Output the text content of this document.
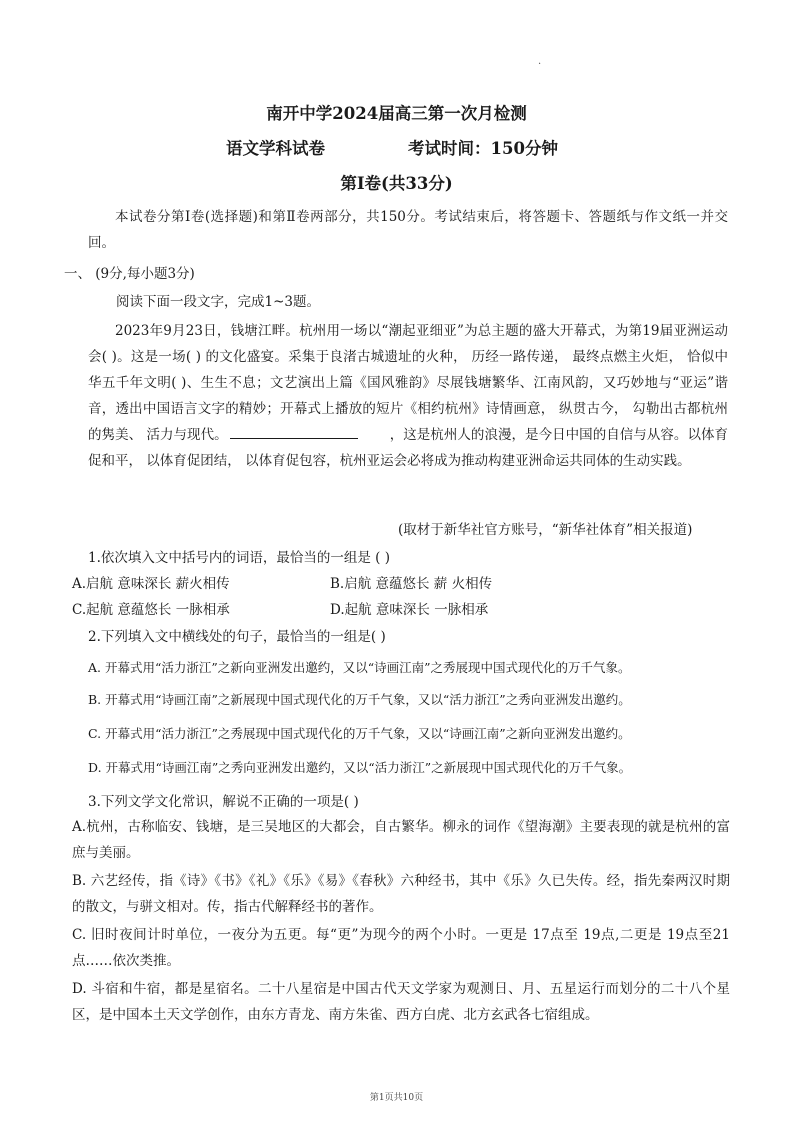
.
南开中学2024届高三第一次月检测
语文学科试卷	考试时间：150分钟
第Ⅰ卷(共33分)
本试卷分第Ⅰ卷(选择题)和第Ⅱ卷两部分，共150分。考试结束后，将答题卡、答题纸与作文纸一并交回。
一、 (9分,每小题3分)
阅读下面一段文字，完成1~3题。
2023年9月23日，钱塘江畔。杭州用一场以“潮起亚细亚”为总主题的盛大开幕式，为第19届亚洲运动会( )。这是一场( ) 的文化盛宴。采集于良渚古城遗址的火种， 历经一路传递， 最终点燃主火炬， 恰似中华五千年文明( )、生生不息；文艺演出上篇《国风雅韵》尽展钱塘繁华、江南风韵，又巧妙地与“亚运”谐音，透出中国语言文字的精妙；开幕式上播放的短片《相约杭州》诗情画意， 纵贯古今， 勾勒出古都杭州的隽美、 活力与现代。	，这是杭州人的浪漫，是今日中国的自信与从容。以体育促和平， 以体育促团结， 以体育促包容，杭州亚运会必将成为推动构建亚洲命运共同体的生动实践。
(取材于新华社官方账号，“新华社体育”相关报道)
1.依次填入文中括号内的词语，最恰当的一组是 ( )
A.启航 意味深长 薪火相传	B.启航 意蕴悠长 薪 火相传
C.起航 意蕴悠长 一脉相承	D.起航 意味深长 一脉相承
2.下列填入文中横线处的句子，最恰当的一组是( )
A. 开幕式用“活力浙江”之新向亚洲发出邀约，又以“诗画江南”之秀展现中国式现代化的万千气象。
B. 开幕式用“诗画江南”之新展现中国式现代化的万千气象，又以“活力浙江”之秀向亚洲发出邀约。
C. 开幕式用“活力浙江”之秀展现中国式现代化的万千气象，又以“诗画江南”之新向亚洲发出邀约。
D. 开幕式用“诗画江南”之秀向亚洲发出邀约，又以“活力浙江”之新展现中国式现代化的万千气象。
3.下列文学文化常识，解说不正确的一项是( )
A.杭州，古称临安、钱塘，是三吴地区的大都会，自古繁华。柳永的词作《望海潮》主要表现的就是杭州的富庶与美丽。
B. 六艺经传，指《诗》《书》《礼》《乐》《易》《春秋》六种经书，其中《乐》久已失传。经，指先秦两汉时期的散文，与骈文相对。传，指古代解释经书的著作。
C. 旧时夜间计时单位，一夜分为五更。每“更”为现今的两个小时。一更是 17点至 19点,二更是 19点至21点……依次类推。
D. 斗宿和牛宿，都是星宿名。二十八星宿是中国古代天文学家为观测日、月、五星运行而划分的二十八个星区，是中国本土天文学创作，由东方青龙、南方朱雀、西方白虎、北方玄武各七宿组成。
第1页共10页
